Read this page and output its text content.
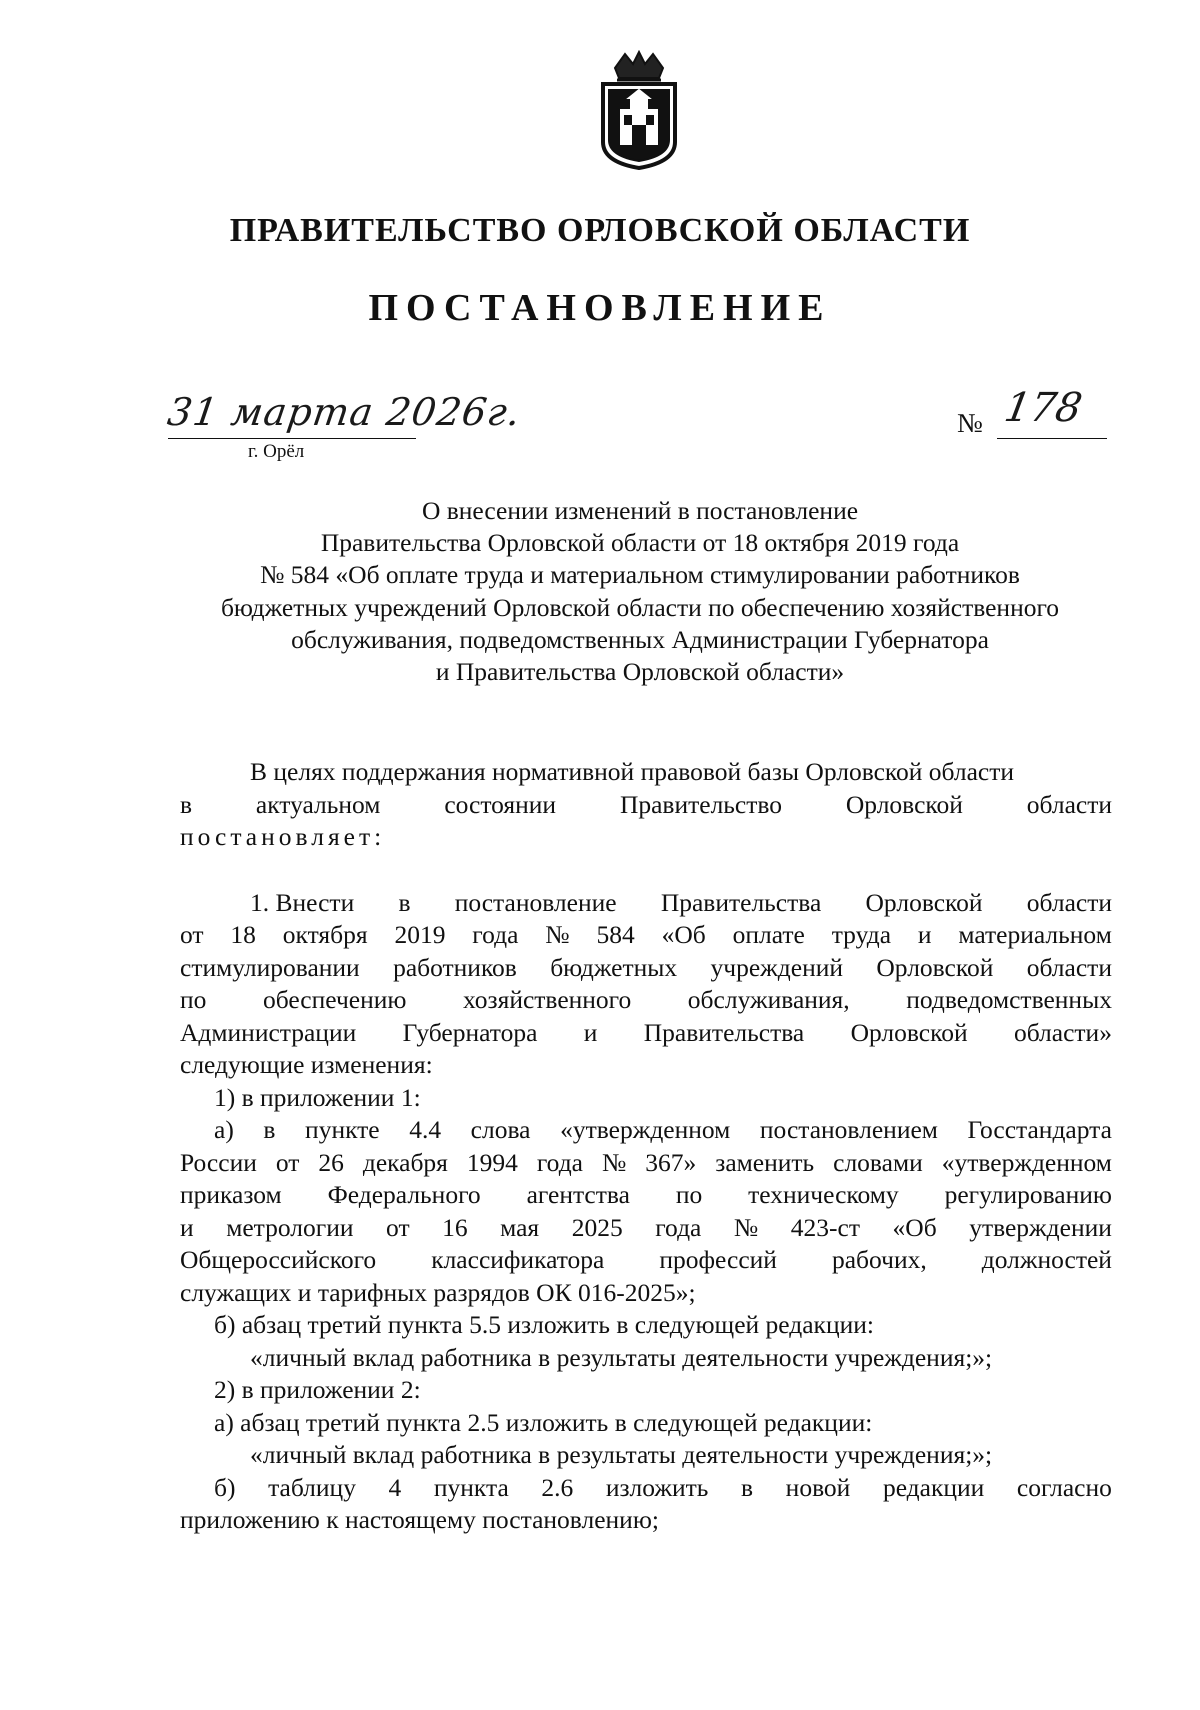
ПРАВИТЕЛЬСТВО ОРЛОВСКОЙ ОБЛАСТИ
ПОСТАНОВЛЕНИЕ
31 марта 2026г.
г. Орёл
№ 178
О внесении изменений в постановление
Правительства Орловской области от 18 октября 2019 года
№ 584 «Об оплате труда и материальном стимулировании работников
бюджетных учреждений Орловской области по обеспечению хозяйственного
обслуживания, подведомственных Администрации Губернатора
и Правительства Орловской области»
В целях поддержания нормативной правовой базы Орловской области
в	актуальном	состоянии	Правительство	Орловской	области
постановляет:
1. Внести в постановление Правительства Орловской области
от 18 октября 2019 года № 584 «Об оплате труда и материальном
стимулировании работников бюджетных учреждений Орловской области
по обеспечению хозяйственного обслуживания, подведомственных
Администрации Губернатора и Правительства Орловской области»
следующие изменения:
1) в приложении 1:
а) в пункте 4.4 слова «утвержденном постановлением Госстандарта
России от 26 декабря 1994 года № 367» заменить словами «утвержденном
приказом Федерального агентства по техническому регулированию
и метрологии от 16 мая 2025 года № 423-ст «Об утверждении
Общероссийского классификатора профессий рабочих, должностей
служащих и тарифных разрядов ОК 016-2025»;
б) абзац третий пункта 5.5 изложить в следующей редакции:
«личный вклад работника в результаты деятельности учреждения;»;
2) в приложении 2:
а) абзац третий пункта 2.5 изложить в следующей редакции:
«личный вклад работника в результаты деятельности учреждения;»;
б) таблицу 4 пункта 2.6 изложить в новой редакции согласно
приложению к настоящему постановлению;
